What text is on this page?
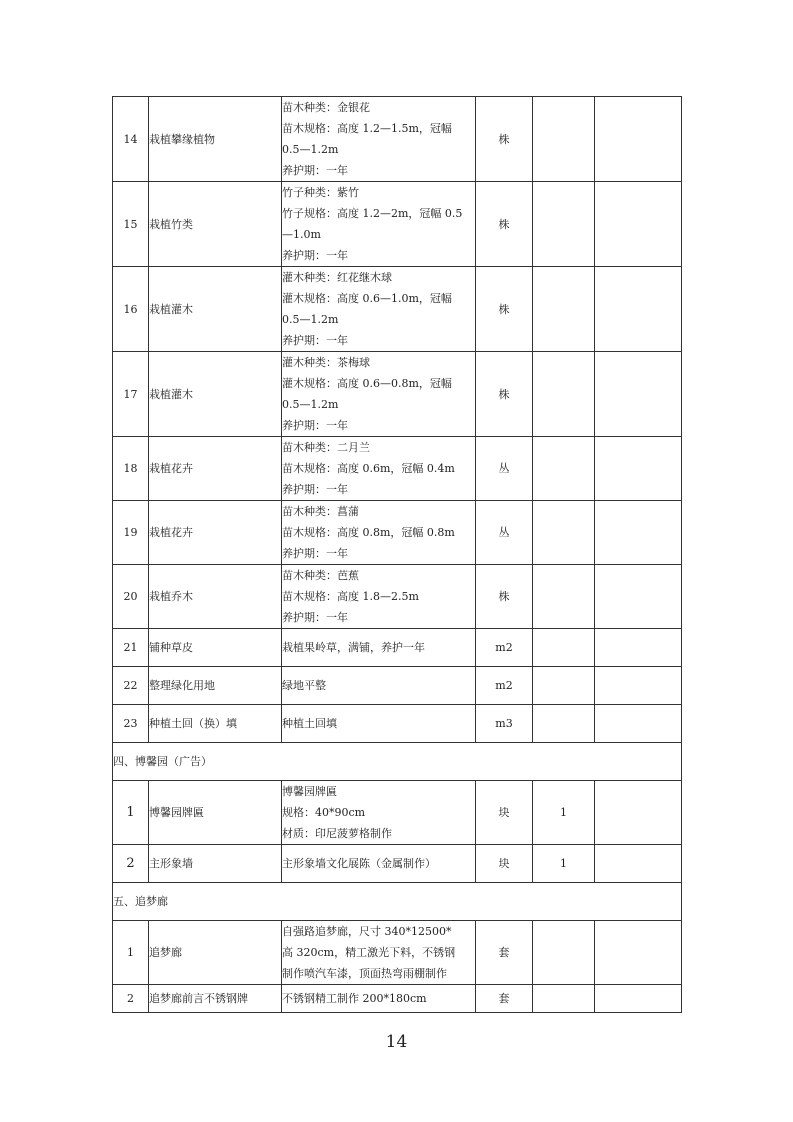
14	栽植攀缘植物	苗木种类：金银花
苗木规格：高度 1.2—1.5m，冠幅
0.5—1.2m
养护期：一年	株		
15	栽植竹类	竹子种类：紫竹
竹子规格：高度 1.2—2m，冠幅 0.5
—1.0m
养护期：一年	株		
16	栽植灌木	灌木种类：红花继木球
灌木规格：高度 0.6—1.0m，冠幅
0.5—1.2m
养护期：一年	株		
17	栽植灌木	灌木种类：茶梅球
灌木规格：高度 0.6—0.8m，冠幅
0.5—1.2m
养护期：一年	株		
18	栽植花卉	苗木种类：二月兰
苗木规格：高度 0.6m，冠幅 0.4m
养护期：一年	丛		
19	栽植花卉	苗木种类：菖蒲
苗木规格：高度 0.8m，冠幅 0.8m
养护期：一年	丛		
20	栽植乔木	苗木种类：芭蕉
苗木规格：高度 1.8—2.5m
养护期：一年	株		
21	铺种草皮	栽植果岭草，满铺，养护一年	m2		
22	整理绿化用地	绿地平整	m2		
23	种植土回（换）填	种植土回填	m3		
四、博馨园（广告）					
1	博馨园牌匾	博馨园牌匾
规格：40*90cm
材质：印尼菠萝格制作	块	1	
2	主形象墙	主形象墙文化展陈（金属制作）	块	1	
五、追梦廊					
1	追梦廊	自强路追梦廊，尺寸 340*12500*
高 320cm，精工激光下料，不锈钢
制作喷汽车漆，顶面热弯雨棚制作	套		
2	追梦廊前言不锈钢牌	不锈钢精工制作 200*180cm	套		
14
